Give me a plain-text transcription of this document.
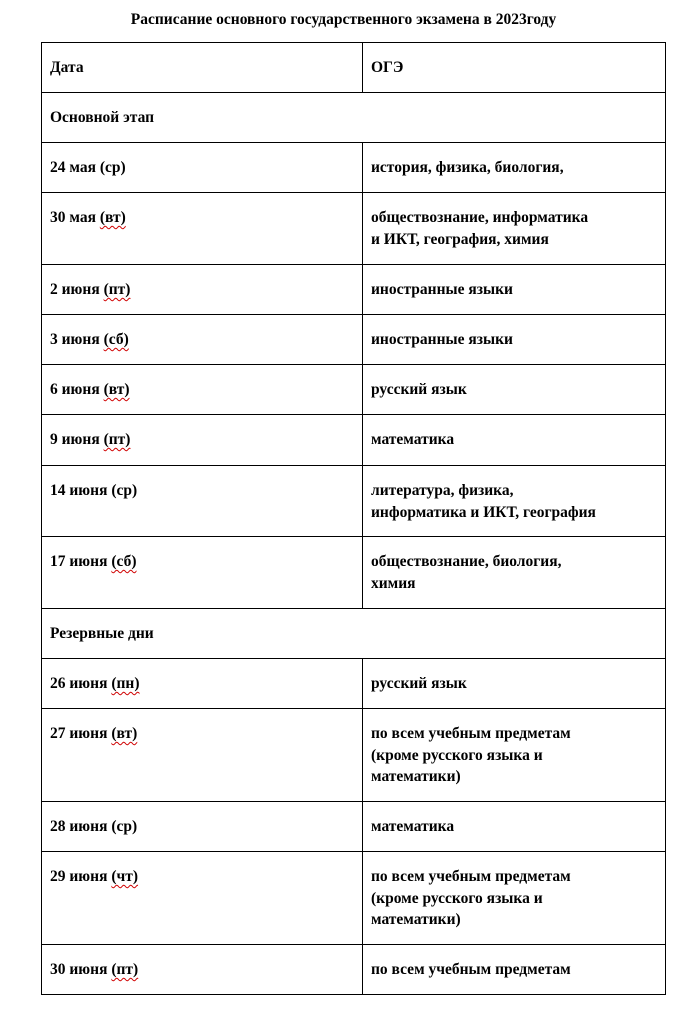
Расписание основного государственного экзамена в 2023году
Дата	ОГЭ
Основной этап	
24 мая (ср)	история, физика, биология,

30 мая (вт)	обществознание, информатика
и ИКТ, география, химия

2 июня (пт)	иностранные языки

3 июня (сб)	иностранные языки

6 июня (вт)	русский язык

9 июня (пт)	математика

14 июня (ср)	литература, физика,
информатика и ИКТ, география

17 июня (сб)	обществознание, биология,
химия

Резервные дни	
26 июня (пн)	русский язык

27 июня (вт)	по всем учебным предметам
(кроме русского языка и
математики)

28 июня (ср)	математика

29 июня (чт)	по всем учебным предметам
(кроме русского языка и
математики)

30 июня (пт)	по всем учебным предметам
